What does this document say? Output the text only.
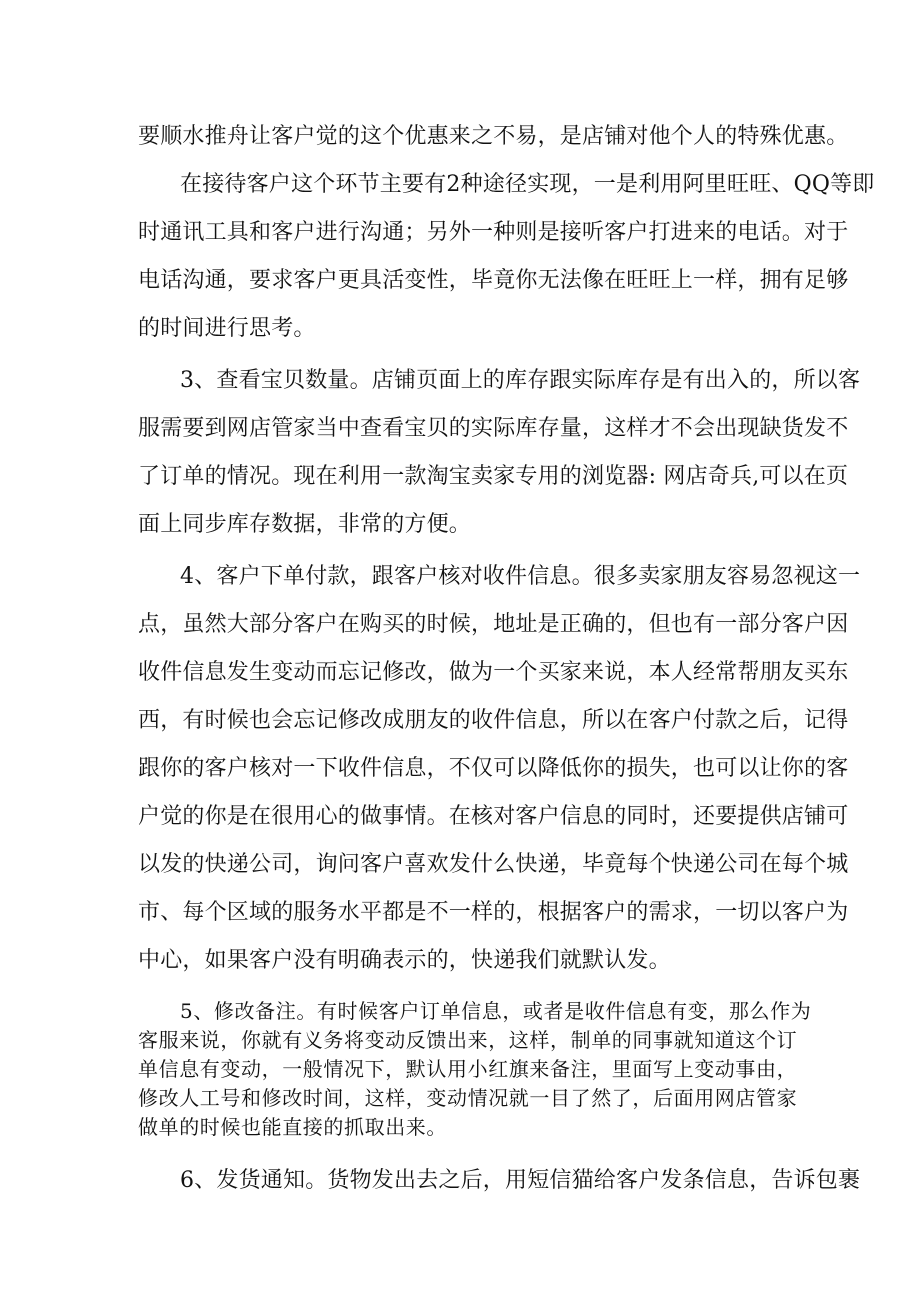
要顺水推舟让客户觉的这个优惠来之不易，是店铺对他个人的特殊优惠。
在接待客户这个环节主要有2种途径实现，一是利用阿里旺旺、QQ等即
时通讯工具和客户进行沟通；另外一种则是接听客户打进来的电话。对于
电话沟通，要求客户更具活变性，毕竟你无法像在旺旺上一样，拥有足够
的时间进行思考。
3、查看宝贝数量。店铺页面上的库存跟实际库存是有出入的，所以客
服需要到网店管家当中查看宝贝的实际库存量，这样才不会出现缺货发不
了订单的情况。现在利用一款淘宝卖家专用的浏览器: 网店奇兵,可以在页
面上同步库存数据，非常的方便。
4、客户下单付款，跟客户核对收件信息。很多卖家朋友容易忽视这一
点，虽然大部分客户在购买的时候，地址是正确的，但也有一部分客户因
收件信息发生变动而忘记修改，做为一个买家来说，本人经常帮朋友买东
西，有时候也会忘记修改成朋友的收件信息，所以在客户付款之后，记得
跟你的客户核对一下收件信息，不仅可以降低你的损失，也可以让你的客
户觉的你是在很用心的做事情。在核对客户信息的同时，还要提供店铺可
以发的快递公司，询问客户喜欢发什么快递，毕竟每个快递公司在每个城
市、每个区域的服务水平都是不一样的，根据客户的需求，一切以客户为
中心，如果客户没有明确表示的，快递我们就默认发。
5、修改备注。有时候客户订单信息，或者是收件信息有变，那么作为
客服来说，你就有义务将变动反馈出来，这样，制单的同事就知道这个订
单信息有变动，一般情况下，默认用小红旗来备注，里面写上变动事由，
修改人工号和修改时间，这样，变动情况就一目了然了，后面用网店管家
做单的时候也能直接的抓取出来。
6、发货通知。货物发出去之后，用短信猫给客户发条信息，告诉包裹
